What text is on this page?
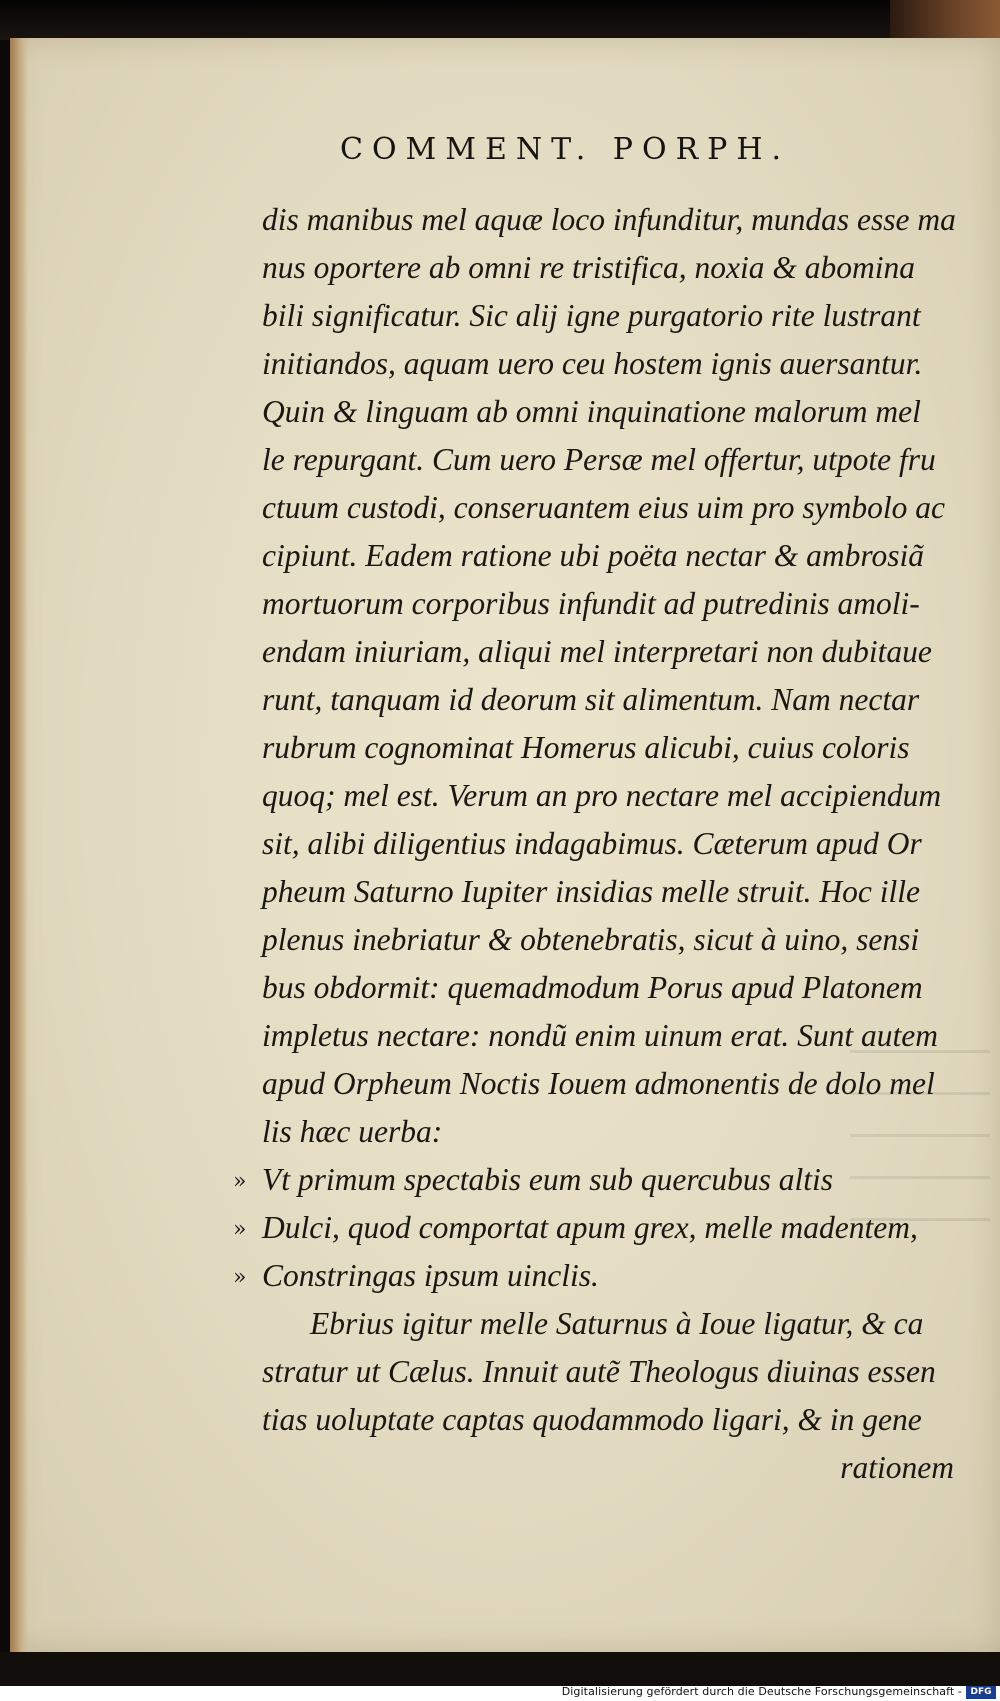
COMMENT. PORPH.
dis manibus mel aquæ loco infunditur, mundas esse ma
nus oportere ab omni re tristifica, noxia & abomina
bili significatur. Sic alij igne purgatorio rite lustrant
initiandos, aquam uero ceu hostem ignis auersantur.
Quin & linguam ab omni inquinatione malorum mel
le repurgant. Cum uero Persæ mel offertur, utpote fru
ctuum custodi, conseruantem eius uim pro symbolo ac
cipiunt. Eadem ratione ubi poëta nectar & ambrosiã
mortuorum corporibus infundit ad putredinis amoli-
endam iniuriam, aliqui mel interpretari non dubitaue
runt, tanquam id deorum sit alimentum. Nam nectar
rubrum cognominat Homerus alicubi, cuius coloris
quoq; mel est. Verum an pro nectare mel accipiendum
sit, alibi diligentius indagabimus. Cæterum apud Or
pheum Saturno Iupiter insidias melle struit. Hoc ille
plenus inebriatur & obtenebratis, sicut à uino, sensi
bus obdormit: quemadmodum Porus apud Platonem
impletus nectare: nondũ enim uinum erat. Sunt autem
apud Orpheum Noctis Iouem admonentis de dolo mel
lis hæc uerba:
» Vt primum spectabis eum sub quercubus altis
» Dulci, quod comportat apum grex, melle madentem,
» Constringas ipsum uinclis.
Ebrius igitur melle Saturnus à Ioue ligatur, & ca
stratur ut Cælus. Innuit autẽ Theologus diuinas essen
tias uoluptate captas quodammodo ligari, & in gene
rationem
Digitalisierung gefördert durch die Deutsche Forschungsgemeinschaft - DFG
